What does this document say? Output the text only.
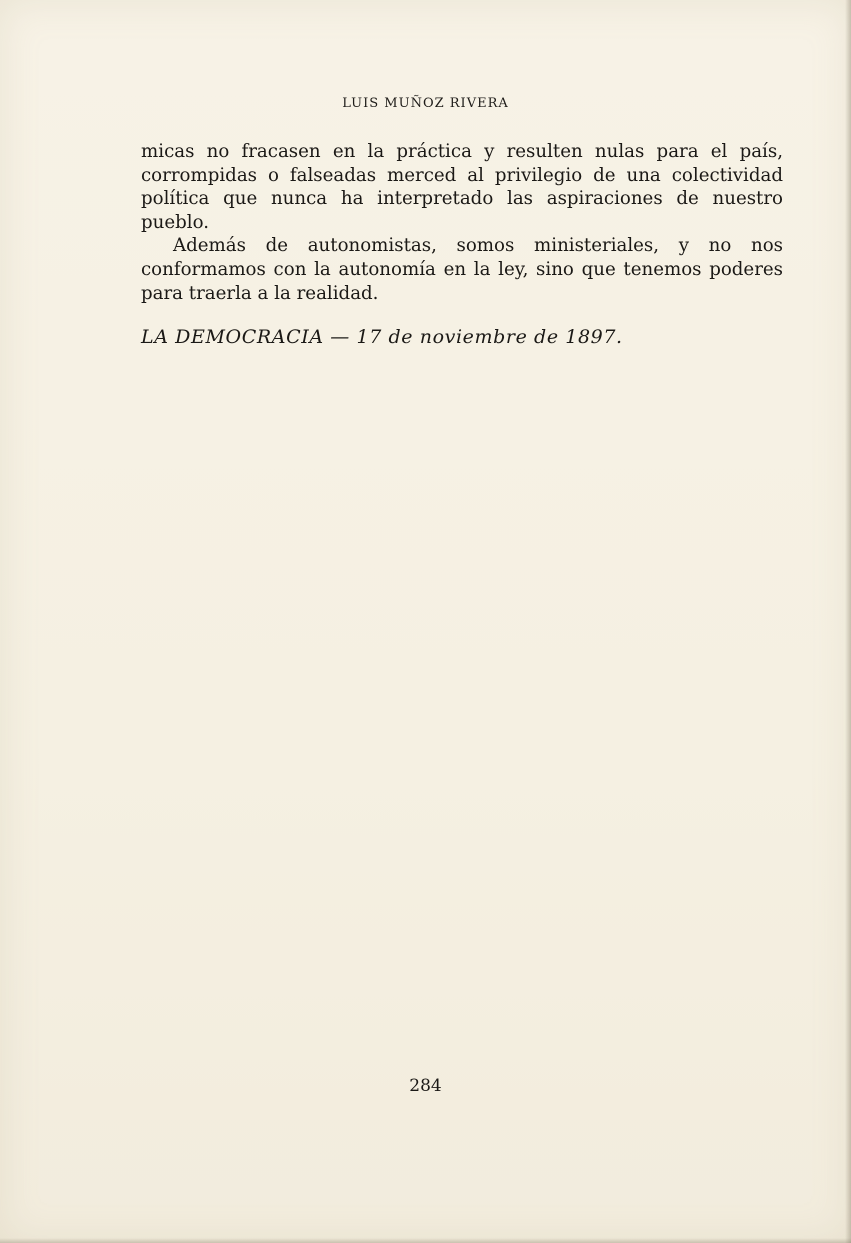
LUIS MUÑOZ RIVERA

micas no fracasen en la práctica y resulten nulas para el país, corrompidas o falseadas merced al privilegio de una colectividad política que nunca ha interpretado las aspiraciones de nuestro pueblo.

Además de autonomistas, somos ministeriales, y no nos conformamos con la autonomía en la ley, sino que tenemos poderes para traerla a la realidad.

LA DEMOCRACIA — 17 de noviembre de 1897.
284
